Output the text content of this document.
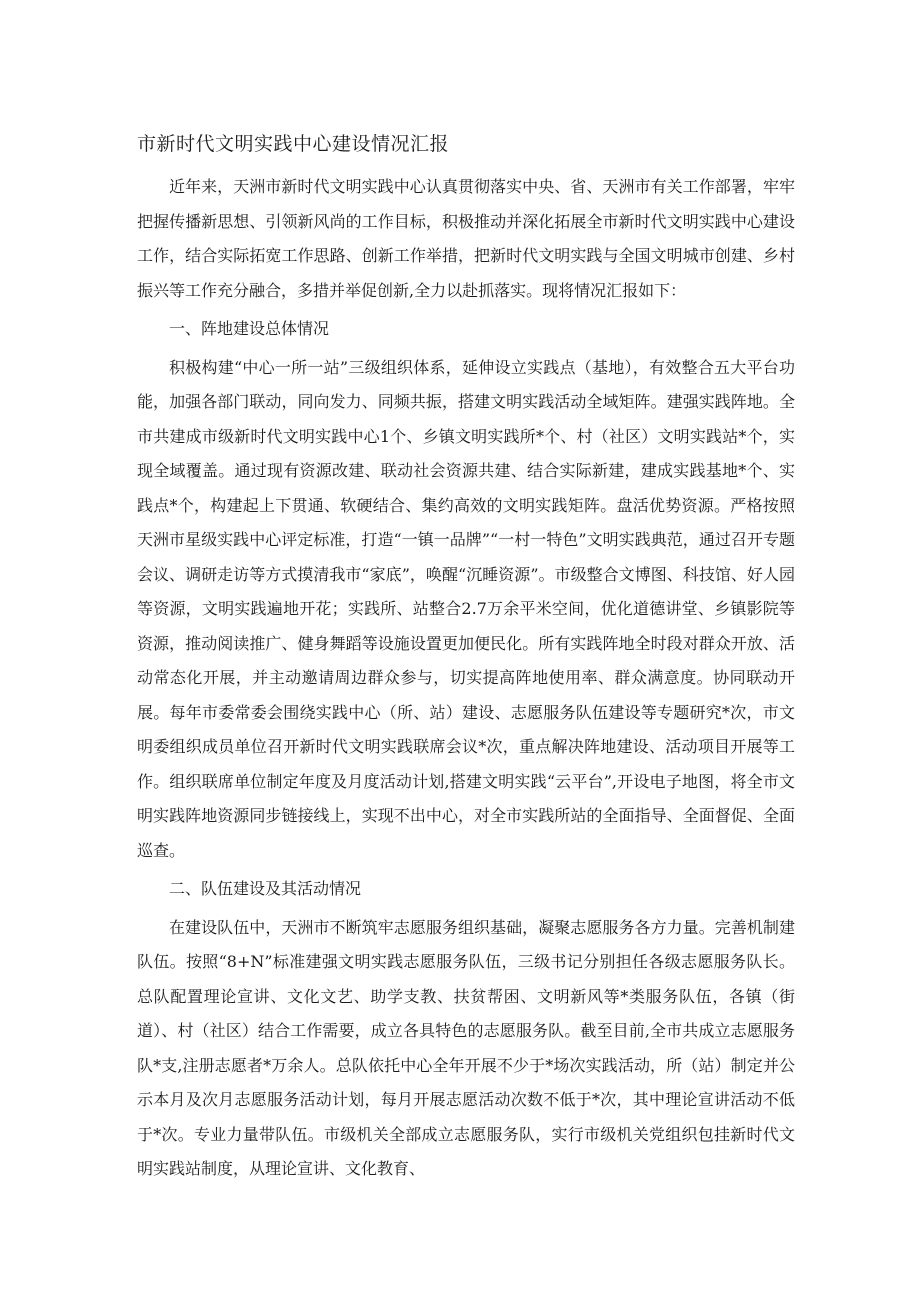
市新时代文明实践中心建设情况汇报

近年来，天洲市新时代文明实践中心认真贯彻落实中央、省、天洲市有关工作部署，牢牢把握传播新思想、引领新风尚的工作目标，积极推动并深化拓展全市新时代文明实践中心建设工作，结合实际拓宽工作思路、创新工作举措，把新时代文明实践与全国文明城市创建、乡村振兴等工作充分融合，多措并举促创新,全力以赴抓落实。现将情况汇报如下：

一、阵地建设总体情况

积极构建“中心一所一站”三级组织体系，延伸设立实践点（基地），有效整合五大平台功能，加强各部门联动，同向发力、同频共振，搭建文明实践活动全域矩阵。建强实践阵地。全市共建成市级新时代文明实践中心1个、乡镇文明实践所*个、村（社区）文明实践站*个，实现全域覆盖。通过现有资源改建、联动社会资源共建、结合实际新建，建成实践基地*个、实践点*个，构建起上下贯通、软硬结合、集约高效的文明实践矩阵。盘活优势资源。严格按照天洲市星级实践中心评定标准，打造“一镇一品牌”“一村一特色”文明实践典范，通过召开专题会议、调研走访等方式摸清我市“家底”，唤醒“沉睡资源”。市级整合文博图、科技馆、好人园等资源，文明实践遍地开花；实践所、站整合2.7万余平米空间，优化道德讲堂、乡镇影院等资源，推动阅读推广、健身舞蹈等设施设置更加便民化。所有实践阵地全时段对群众开放、活动常态化开展，并主动邀请周边群众参与，切实提高阵地使用率、群众满意度。协同联动开展。每年市委常委会围绕实践中心（所、站）建设、志愿服务队伍建设等专题研究*次，市文明委组织成员单位召开新时代文明实践联席会议*次，重点解决阵地建设、活动项目开展等工作。组织联席单位制定年度及月度活动计划,搭建文明实践“云平台”,开设电子地图，将全市文明实践阵地资源同步链接线上，实现不出中心，对全市实践所站的全面指导、全面督促、全面巡查。

二、队伍建设及其活动情况

在建设队伍中，天洲市不断筑牢志愿服务组织基础，凝聚志愿服务各方力量。完善机制建队伍。按照“8+N”标准建强文明实践志愿服务队伍，三级书记分别担任各级志愿服务队长。总队配置理论宣讲、文化文艺、助学支教、扶贫帮困、文明新风等*类服务队伍，各镇（街道）、村（社区）结合工作需要，成立各具特色的志愿服务队。截至目前,全市共成立志愿服务队*支,注册志愿者*万余人。总队依托中心全年开展不少于*场次实践活动，所（站）制定并公示本月及次月志愿服务活动计划，每月开展志愿活动次数不低于*次，其中理论宣讲活动不低于*次。专业力量带队伍。市级机关全部成立志愿服务队，实行市级机关党组织包挂新时代文明实践站制度，从理论宣讲、文化教育、
